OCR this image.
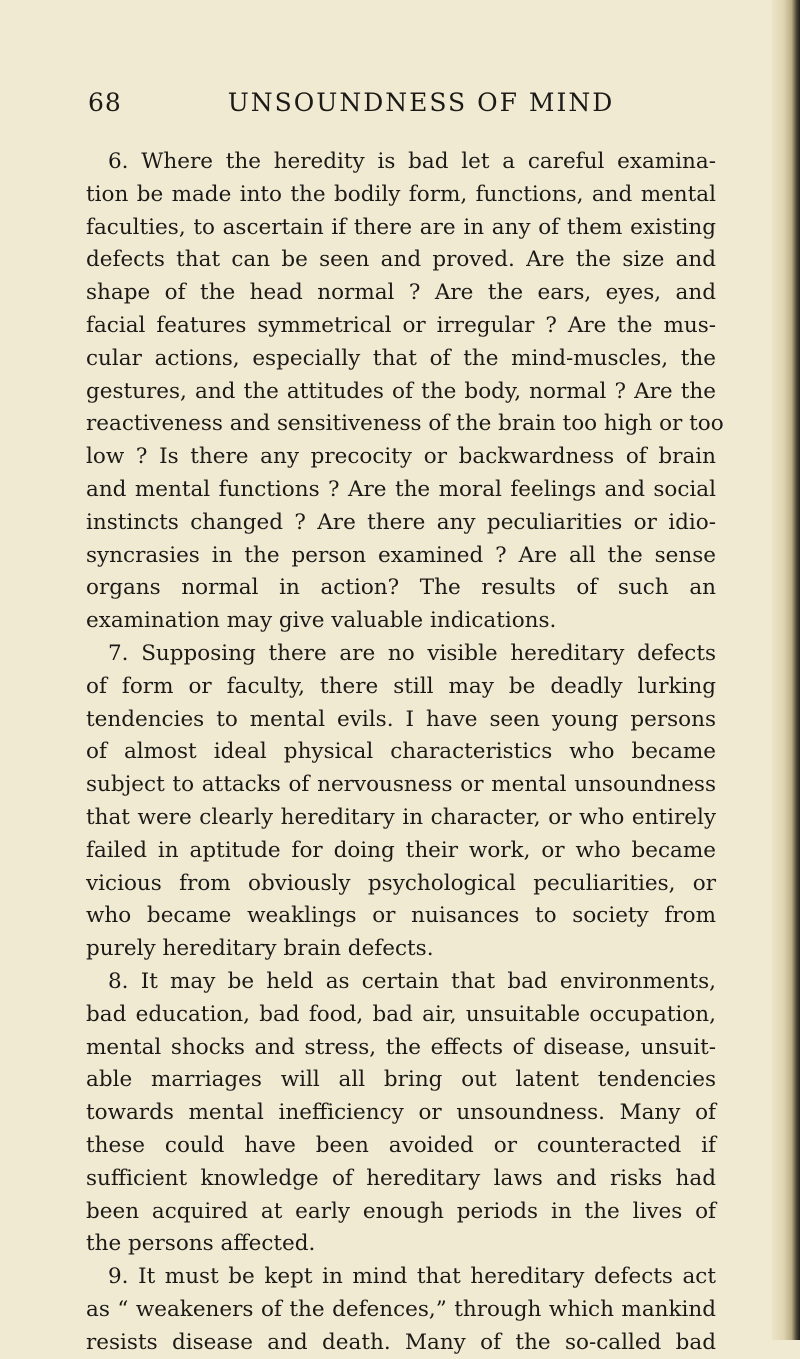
68	UNSOUNDNESS OF MIND
6. Where the heredity is bad let a careful examina-
tion be made into the bodily form, functions, and mental
faculties, to ascertain if there are in any of them existing
defects that can be seen and proved. Are the size and
shape of the head normal ? Are the ears, eyes, and
facial features symmetrical or irregular ? Are the mus-
cular actions, especially that of the mind-muscles, the
gestures, and the attitudes of the body, normal ? Are the
reactiveness and sensitiveness of the brain too high or too
low ? Is there any precocity or backwardness of brain
and mental functions ? Are the moral feelings and social
instincts changed ? Are there any peculiarities or idio-
syncrasies in the person examined ? Are all the sense
organs normal in action? The results of such an
examination may give valuable indications.
7. Supposing there are no visible hereditary defects
of form or faculty, there still may be deadly lurking
tendencies to mental evils. I have seen young persons
of almost ideal physical characteristics who became
subject to attacks of nervousness or mental unsoundness
that were clearly hereditary in character, or who entirely
failed in aptitude for doing their work, or who became
vicious from obviously psychological peculiarities, or
who became weaklings or nuisances to society from
purely hereditary brain defects.
8. It may be held as certain that bad environments,
bad education, bad food, bad air, unsuitable occupation,
mental shocks and stress, the effects of disease, unsuit-
able marriages will all bring out latent tendencies
towards mental inefficiency or unsoundness. Many of
these could have been avoided or counteracted if
sufficient knowledge of hereditary laws and risks had
been acquired at early enough periods in the lives of
the persons affected.
9. It must be kept in mind that hereditary defects act
as “ weakeners of the defences,” through which mankind
resists disease and death. Many of the so-called bad
